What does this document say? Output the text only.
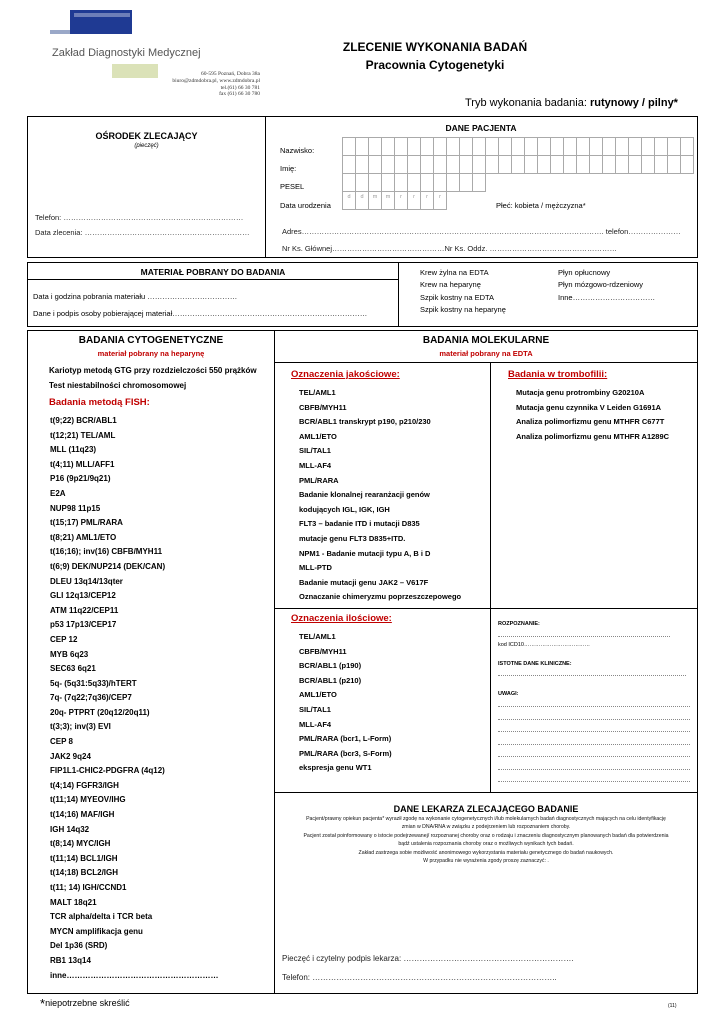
Zakład Diagnostyki Medycznej
60-595 Poznań, Dobra 38a
biuro@zdmdobra.pl, www.zdmdobra.pl
tel.(61) 66 30 781
fax (61) 66 30 780
ZLECENIE WYKONANIA BADAŃ
Pracownia Cytogenetyki
Tryb wykonania badania: rutynowy / pilny*
OŚRODEK ZLECAJĄCY
(pieczęć)
Telefon: ………………………………………………………………
Data zlecenia: …………………………………………………………
DANE PACJENTA
Nazwisko:
Imię:
PESEL
Data urodzenia
d	d	m	m	r	r	r	r
Płeć: kobieta / mężczyzna*
Adres…………………………………………………………………………………………………………. telefon…………………
Nr Ks. Głównej………………………………………Nr Ks. Oddz. ……………………………………………
MATERIAŁ POBRANY DO BADANIA
Data i godzina pobrania materiału ………………………………
Dane i podpis osoby pobierającej materiał……………………………………………………………………
Krew żylna na EDTA
Krew na heparynę
Szpik kostny na EDTA
Szpik kostny na heparynę
Płyn opłucnowy
Płyn mózgowo-rdzeniowy
Inne……………………………
BADANIA CYTOGENETYCZNE
materiał pobrany na heparynę
Kariotyp metodą GTG przy rozdzielczości 550 prążków
Test niestabilności chromosomowej
Badania metodą FISH:
t(9;22) BCR/ABL1
t(12;21) TEL/AML
MLL (11q23)
t(4;11) MLL/AFF1
P16 (9p21/9q21)
E2A
NUP98 11p15
t(15;17) PML/RARA
t(8;21) AML1/ETO
t(16;16); inv(16) CBFB/MYH11
t(6;9) DEK/NUP214 (DEK/CAN)
DLEU 13q14/13qter
GLI 12q13/CEP12
ATM 11q22/CEP11
p53 17p13/CEP17
CEP 12
MYB 6q23
SEC63 6q21
5q- (5q31:5q33)/hTERT
7q- (7q22;7q36)/CEP7
20q- PTPRT (20q12/20q11)
t(3;3); inv(3) EVI
CEP 8
JAK2 9q24
FIP1L1-CHIC2-PDGFRA (4q12)
t(4;14) FGFR3/IGH
t(11;14) MYEOV/IHG
t(14;16) MAF/IGH
IGH 14q32
t(8;14) MYC/IGH
t(11;14) BCL1/IGH
t(14;18) BCL2/IGH
t(11; 14) IGH/CCND1
MALT 18q21
TCR alpha/delta i TCR beta
MYCN amplifikacja genu
Del 1p36 (SRD)
RB1 13q14
inne…………………………………………………
BADANIA MOLEKULARNE
materiał pobrany na EDTA
Oznaczenia jakościowe:
TEL/AML1
CBFB/MYH11
BCR/ABL1 transkrypt p190, p210/230
AML1/ETO
SIL/TAL1
MLL-AF4
PML/RARA
Badanie klonalnej rearanżacji genów
kodujących IGL, IGK, IGH
FLT3 – badanie ITD i mutacji D835
mutacje genu FLT3 D835+ITD.
NPM1 - Badanie mutacji typu A, B i D
MLL-PTD
Badanie mutacji genu JAK2 – V617F
Oznaczanie chimeryzmu poprzeszczepowego
Oznaczenia ilościowe:
TEL/AML1
CBFB/MYH11
BCR/ABL1 (p190)
BCR/ABL1 (p210)
AML1/ETO
SIL/TAL1
MLL-AF4
PML/RARA (bcr1, L-Form)
PML/RARA (bcr3, S-Form)
ekspresja genu WT1
Badania w trombofilii:
Mutacja genu protrombiny G20210A
Mutacja genu czynnika V Leiden G1691A
Analiza polimorfizmu genu MTHFR C677T
Analiza polimorfizmu genu MTHFR A1289C
ROZPOZNANIE:
kod ICD10………………………………
ISTOTNE DANE KLINICZNE:
UWAGI:
DANE LEKARZA ZLECAJĄCEGO BADANIE
Pacjent/prawny opiekun pacjenta* wyraził zgodę na wykonanie cytogenetycznych i/lub molekularnych badań diagnostycznych mających na celu identyfikację
zmian w DNA/RNA w związku z podejrzeniem lub rozpoznaniem choroby.
Pacjent został poinformowany o istocie podejrzewanej/ rozpoznanej choroby oraz o rodzaju i znaczeniu diagnostycznym planowanych badań dla potwierdzenia
bądź ustalenia rozpoznania choroby oraz o możliwych wynikach tych badań.
Zakład zastrzega sobie możliwość anonimowego wykorzystania materiału genetycznego do badań naukowych.
W przypadku nie wyrażenia zgody proszę zaznaczyć: .
Pieczęć i czytelny podpis lekarza: ……………………………………………………….
Telefon: ………………………………………………………………………………..
*niepotrzebne skreślić	(11)
